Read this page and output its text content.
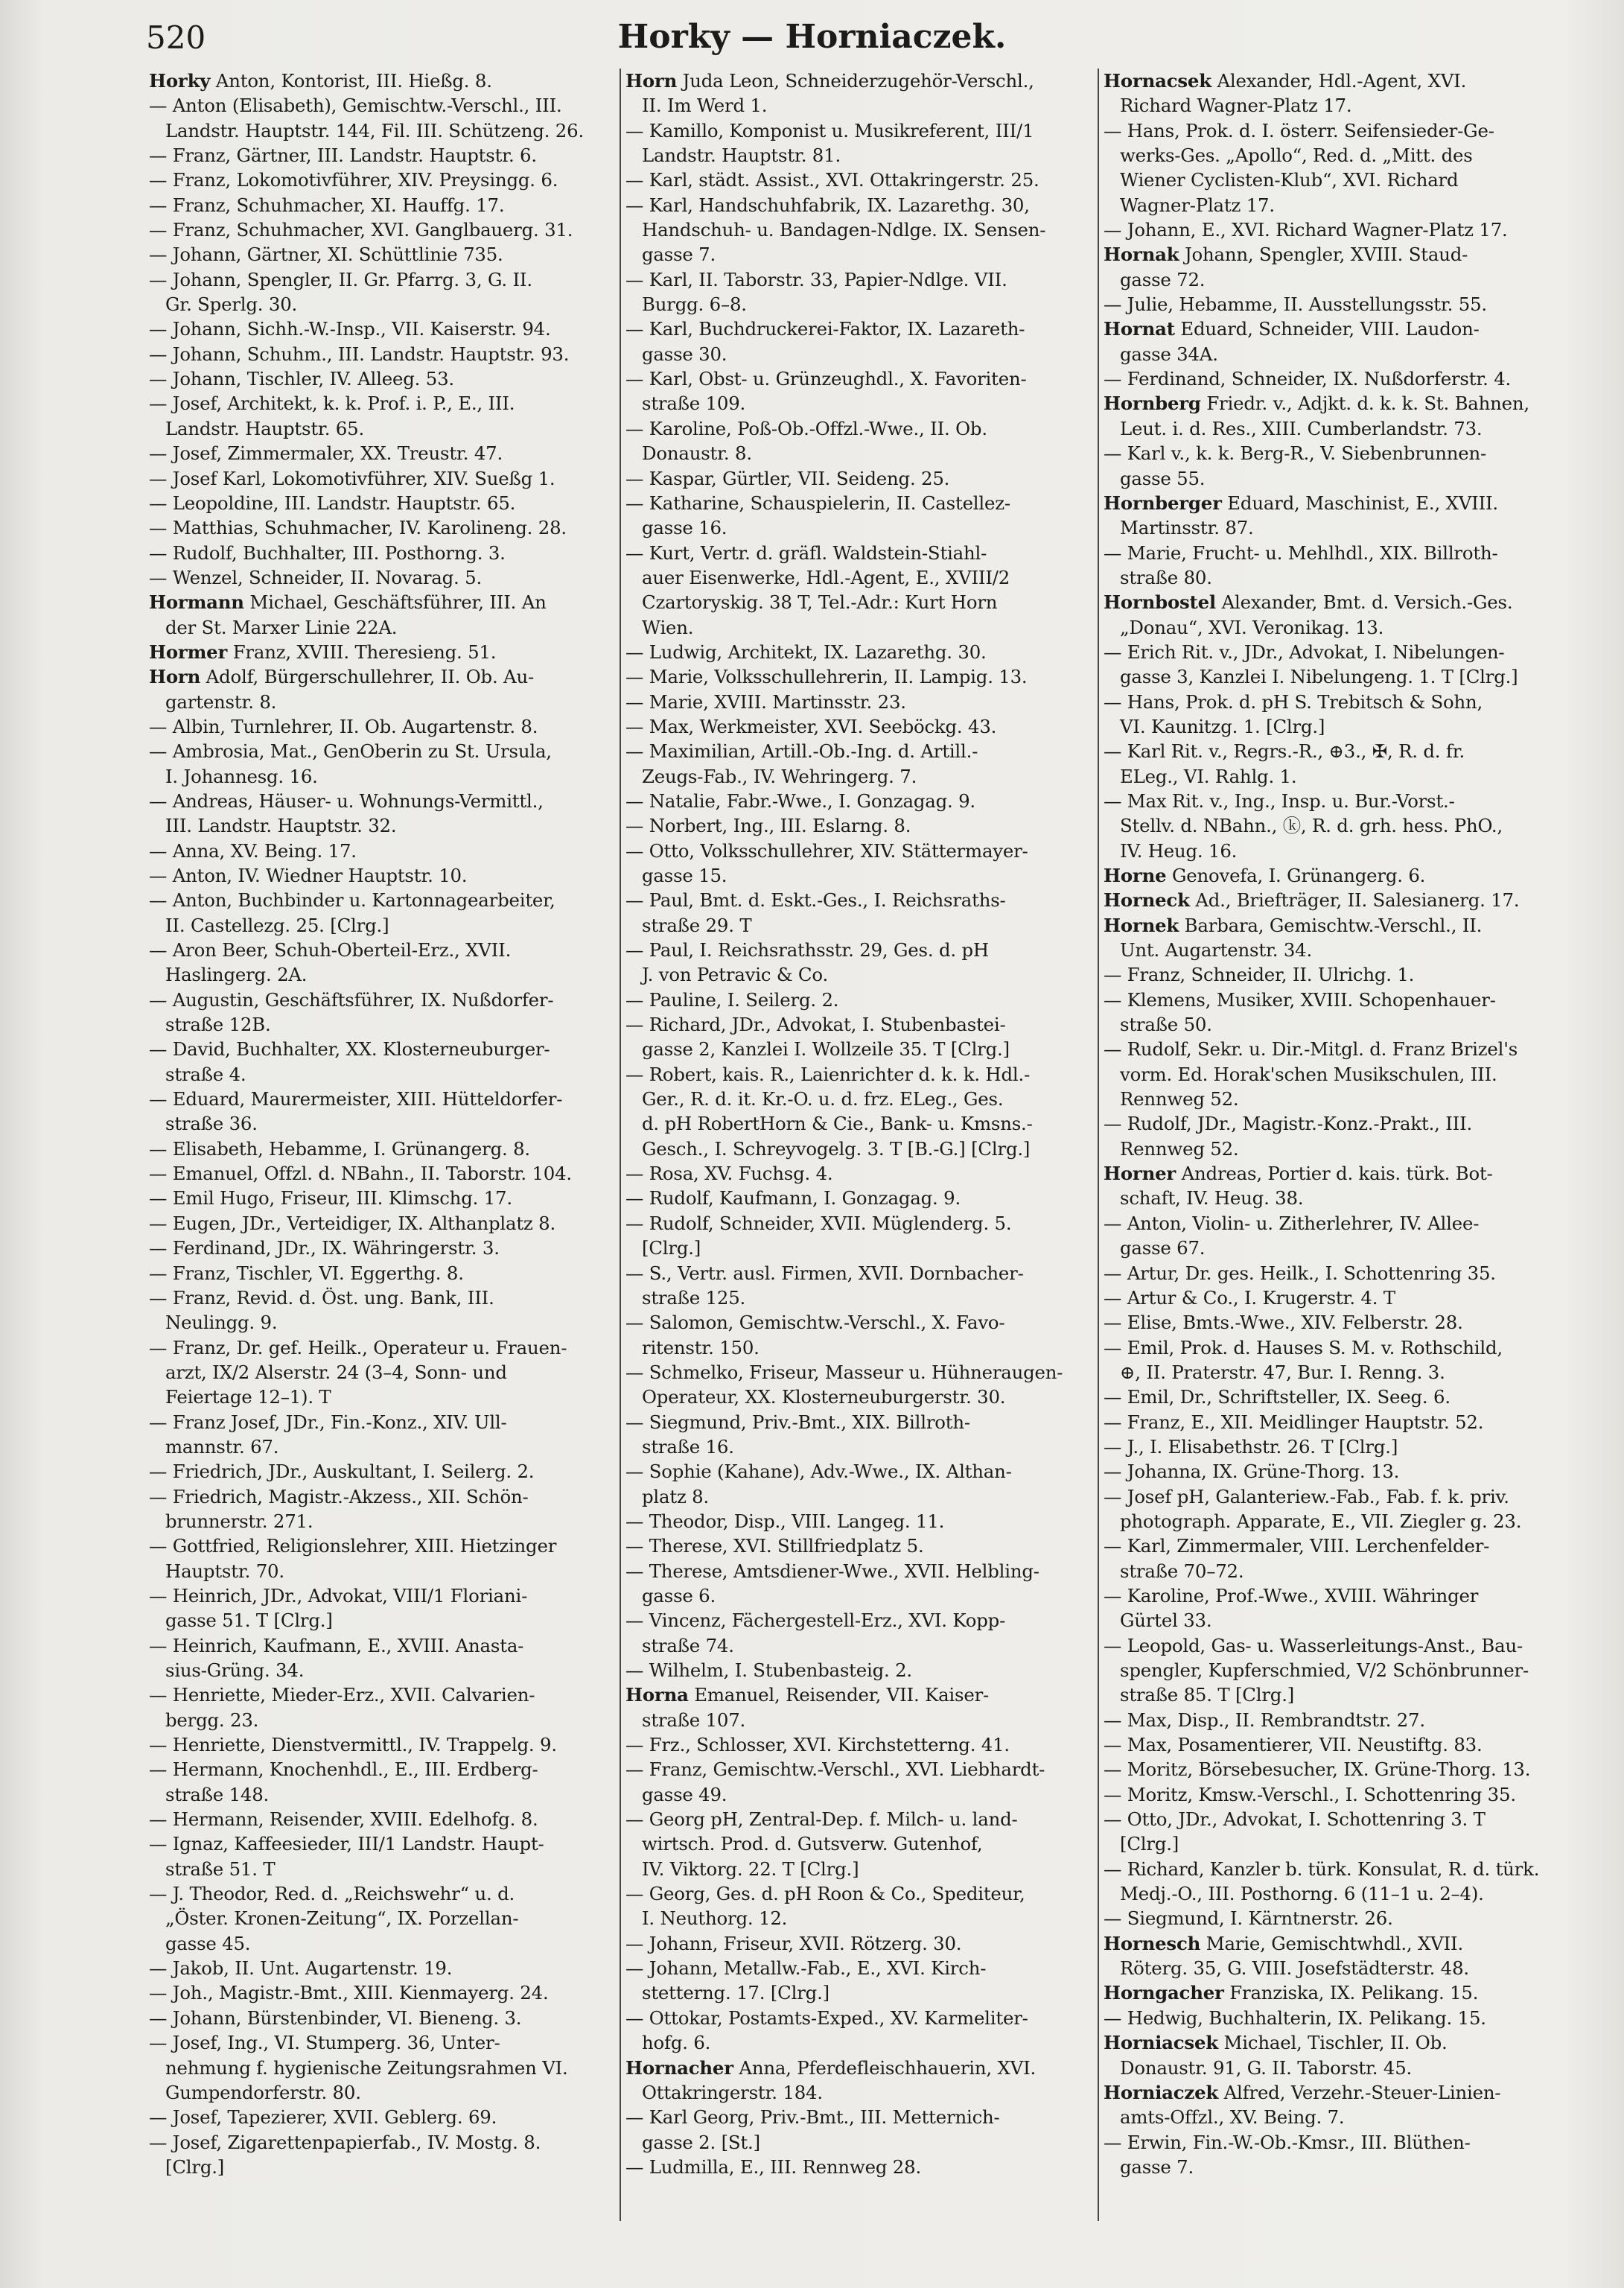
520	Horky — Horniaczek.
Horky Anton, Kontorist, III. Hießg. 8.
— Anton (Elisabeth), Gemischtw.-Verschl., III.
Landstr. Hauptstr. 144, Fil. III. Schützeng. 26.
— Franz, Gärtner, III. Landstr. Hauptstr. 6.
— Franz, Lokomotivführer, XIV. Preysingg. 6.
— Franz, Schuhmacher, XI. Hauffg. 17.
— Franz, Schuhmacher, XVI. Ganglbauerg. 31.
— Johann, Gärtner, XI. Schüttlinie 735.
— Johann, Spengler, II. Gr. Pfarrg. 3, G. II.
Gr. Sperlg. 30.
— Johann, Sichh.-W.-Insp., VII. Kaiserstr. 94.
— Johann, Schuhm., III. Landstr. Hauptstr. 93.
— Johann, Tischler, IV. Alleeg. 53.
— Josef, Architekt, k. k. Prof. i. P., E., III.
Landstr. Hauptstr. 65.
— Josef, Zimmermaler, XX. Treustr. 47.
— Josef Karl, Lokomotivführer, XIV. Sueßg 1.
— Leopoldine, III. Landstr. Hauptstr. 65.
— Matthias, Schuhmacher, IV. Karolineng. 28.
— Rudolf, Buchhalter, III. Posthorng. 3.
— Wenzel, Schneider, II. Novarag. 5.
Hormann Michael, Geschäftsführer, III. An
der St. Marxer Linie 22A.
Hormer Franz, XVIII. Theresieng. 51.
Horn Adolf, Bürgerschullehrer, II. Ob. Au-
gartenstr. 8.
— Albin, Turnlehrer, II. Ob. Augartenstr. 8.
— Ambrosia, Mat., GenOberin zu St. Ursula,
I. Johannesg. 16.
— Andreas, Häuser- u. Wohnungs-Vermittl.,
III. Landstr. Hauptstr. 32.
— Anna, XV. Being. 17.
— Anton, IV. Wiedner Hauptstr. 10.
— Anton, Buchbinder u. Kartonnagearbeiter,
II. Castellezg. 25. [Clrg.]
— Aron Beer, Schuh-Oberteil-Erz., XVII.
Haslingerg. 2A.
— Augustin, Geschäftsführer, IX. Nußdorfer-
straße 12B.
— David, Buchhalter, XX. Klosterneuburger-
straße 4.
— Eduard, Maurermeister, XIII. Hütteldorfer-
straße 36.
— Elisabeth, Hebamme, I. Grünangerg. 8.
— Emanuel, Offzl. d. NBahn., II. Taborstr. 104.
— Emil Hugo, Friseur, III. Klimschg. 17.
— Eugen, JDr., Verteidiger, IX. Althanplatz 8.
— Ferdinand, JDr., IX. Währingerstr. 3.
— Franz, Tischler, VI. Eggerthg. 8.
— Franz, Revid. d. Öst. ung. Bank, III.
Neulingg. 9.
— Franz, Dr. gef. Heilk., Operateur u. Frauen-
arzt, IX/2 Alserstr. 24 (3–4, Sonn- und
Feiertage 12–1). T
— Franz Josef, JDr., Fin.-Konz., XIV. Ull-
mannstr. 67.
— Friedrich, JDr., Auskultant, I. Seilerg. 2.
— Friedrich, Magistr.-Akzess., XII. Schön-
brunnerstr. 271.
— Gottfried, Religionslehrer, XIII. Hietzinger
Hauptstr. 70.
— Heinrich, JDr., Advokat, VIII/1 Floriani-
gasse 51. T [Clrg.]
— Heinrich, Kaufmann, E., XVIII. Anasta-
sius-Grüng. 34.
— Henriette, Mieder-Erz., XVII. Calvarien-
bergg. 23.
— Henriette, Dienstvermittl., IV. Trappelg. 9.
— Hermann, Knochenhdl., E., III. Erdberg-
straße 148.
— Hermann, Reisender, XVIII. Edelhofg. 8.
— Ignaz, Kaffeesieder, III/1 Landstr. Haupt-
straße 51. T
— J. Theodor, Red. d. „Reichswehr“ u. d.
„Öster. Kronen-Zeitung“, IX. Porzellan-
gasse 45.
— Jakob, II. Unt. Augartenstr. 19.
— Joh., Magistr.-Bmt., XIII. Kienmayerg. 24.
— Johann, Bürstenbinder, VI. Bieneng. 3.
— Josef, Ing., VI. Stumperg. 36, Unter-
nehmung f. hygienische Zeitungsrahmen VI.
Gumpendorferstr. 80.
— Josef, Tapezierer, XVII. Geblerg. 69.
— Josef, Zigarettenpapierfab., IV. Mostg. 8.
[Clrg.]
Horn Juda Leon, Schneiderzugehör-Verschl.,
II. Im Werd 1.
— Kamillo, Komponist u. Musikreferent, III/1
Landstr. Hauptstr. 81.
— Karl, städt. Assist., XVI. Ottakringerstr. 25.
— Karl, Handschuhfabrik, IX. Lazarethg. 30,
Handschuh- u. Bandagen-Ndlge. IX. Sensen-
gasse 7.
— Karl, II. Taborstr. 33, Papier-Ndlge. VII.
Burgg. 6–8.
— Karl, Buchdruckerei-Faktor, IX. Lazareth-
gasse 30.
— Karl, Obst- u. Grünzeughdl., X. Favoriten-
straße 109.
— Karoline, Poß-Ob.-Offzl.-Wwe., II. Ob.
Donaustr. 8.
— Kaspar, Gürtler, VII. Seideng. 25.
— Katharine, Schauspielerin, II. Castellez-
gasse 16.
— Kurt, Vertr. d. gräfl. Waldstein-Stiahl-
auer Eisenwerke, Hdl.-Agent, E., XVIII/2
Czartoryskig. 38 T, Tel.-Adr.: Kurt Horn
Wien.
— Ludwig, Architekt, IX. Lazarethg. 30.
— Marie, Volksschullehrerin, II. Lampig. 13.
— Marie, XVIII. Martinsstr. 23.
— Max, Werkmeister, XVI. Seeböckg. 43.
— Maximilian, Artill.-Ob.-Ing. d. Artill.-
Zeugs-Fab., IV. Wehringerg. 7.
— Natalie, Fabr.-Wwe., I. Gonzagag. 9.
— Norbert, Ing., III. Eslarng. 8.
— Otto, Volksschullehrer, XIV. Stättermayer-
gasse 15.
— Paul, Bmt. d. Eskt.-Ges., I. Reichsraths-
straße 29. T
— Paul, I. Reichsrathsstr. 29, Ges. d. pH
J. von Petravic & Co.
— Pauline, I. Seilerg. 2.
— Richard, JDr., Advokat, I. Stubenbastei-
gasse 2, Kanzlei I. Wollzeile 35. T [Clrg.]
— Robert, kais. R., Laienrichter d. k. k. Hdl.-
Ger., R. d. it. Kr.-O. u. d. frz. ELeg., Ges.
d. pH RobertHorn & Cie., Bank- u. Kmsns.-
Gesch., I. Schreyvogelg. 3. T [B.-G.] [Clrg.]
— Rosa, XV. Fuchsg. 4.
— Rudolf, Kaufmann, I. Gonzagag. 9.
— Rudolf, Schneider, XVII. Müglenderg. 5.
[Clrg.]
— S., Vertr. ausl. Firmen, XVII. Dornbacher-
straße 125.
— Salomon, Gemischtw.-Verschl., X. Favo-
ritenstr. 150.
— Schmelko, Friseur, Masseur u. Hühneraugen-
Operateur, XX. Klosterneuburgerstr. 30.
— Siegmund, Priv.-Bmt., XIX. Billroth-
straße 16.
— Sophie (Kahane), Adv.-Wwe., IX. Althan-
platz 8.
— Theodor, Disp., VIII. Langeg. 11.
— Therese, XVI. Stillfriedplatz 5.
— Therese, Amtsdiener-Wwe., XVII. Helbling-
gasse 6.
— Vincenz, Fächergestell-Erz., XVI. Kopp-
straße 74.
— Wilhelm, I. Stubenbasteig. 2.
Horna Emanuel, Reisender, VII. Kaiser-
straße 107.
— Frz., Schlosser, XVI. Kirchstetterng. 41.
— Franz, Gemischtw.-Verschl., XVI. Liebhardt-
gasse 49.
— Georg pH, Zentral-Dep. f. Milch- u. land-
wirtsch. Prod. d. Gutsverw. Gutenhof,
IV. Viktorg. 22. T [Clrg.]
— Georg, Ges. d. pH Roon & Co., Spediteur,
I. Neuthorg. 12.
— Johann, Friseur, XVII. Rötzerg. 30.
— Johann, Metallw.-Fab., E., XVI. Kirch-
stetterng. 17. [Clrg.]
— Ottokar, Postamts-Exped., XV. Karmeliter-
hofg. 6.
Hornacher Anna, Pferdefleischhauerin, XVI.
Ottakringerstr. 184.
— Karl Georg, Priv.-Bmt., III. Metternich-
gasse 2. [St.]
— Ludmilla, E., III. Rennweg 28.
Hornacsek Alexander, Hdl.-Agent, XVI.
Richard Wagner-Platz 17.
— Hans, Prok. d. I. österr. Seifensieder-Ge-
werks-Ges. „Apollo“, Red. d. „Mitt. des
Wiener Cyclisten-Klub“, XVI. Richard
Wagner-Platz 17.
— Johann, E., XVI. Richard Wagner-Platz 17.
Hornak Johann, Spengler, XVIII. Staud-
gasse 72.
— Julie, Hebamme, II. Ausstellungsstr. 55.
Hornat Eduard, Schneider, VIII. Laudon-
gasse 34A.
— Ferdinand, Schneider, IX. Nußdorferstr. 4.
Hornberg Friedr. v., Adjkt. d. k. k. St. Bahnen,
Leut. i. d. Res., XIII. Cumberlandstr. 73.
— Karl v., k. k. Berg-R., V. Siebenbrunnen-
gasse 55.
Hornberger Eduard, Maschinist, E., XVIII.
Martinsstr. 87.
— Marie, Frucht- u. Mehlhdl., XIX. Billroth-
straße 80.
Hornbostel Alexander, Bmt. d. Versich.-Ges.
„Donau“, XVI. Veronikag. 13.
— Erich Rit. v., JDr., Advokat, I. Nibelungen-
gasse 3, Kanzlei I. Nibelungeng. 1. T [Clrg.]
— Hans, Prok. d. pH S. Trebitsch & Sohn,
VI. Kaunitzg. 1. [Clrg.]
— Karl Rit. v., Regrs.-R., ⊕3., ✠, R. d. fr.
ELeg., VI. Rahlg. 1.
— Max Rit. v., Ing., Insp. u. Bur.-Vorst.-
Stellv. d. NBahn., ⓚ, R. d. grh. hess. PhO.,
IV. Heug. 16.
Horne Genovefa, I. Grünangerg. 6.
Horneck Ad., Briefträger, II. Salesianerg. 17.
Hornek Barbara, Gemischtw.-Verschl., II.
Unt. Augartenstr. 34.
— Franz, Schneider, II. Ulrichg. 1.
— Klemens, Musiker, XVIII. Schopenhauer-
straße 50.
— Rudolf, Sekr. u. Dir.-Mitgl. d. Franz Brizel's
vorm. Ed. Horak'schen Musikschulen, III.
Rennweg 52.
— Rudolf, JDr., Magistr.-Konz.-Prakt., III.
Rennweg 52.
Horner Andreas, Portier d. kais. türk. Bot-
schaft, IV. Heug. 38.
— Anton, Violin- u. Zitherlehrer, IV. Allee-
gasse 67.
— Artur, Dr. ges. Heilk., I. Schottenring 35.
— Artur & Co., I. Krugerstr. 4. T
— Elise, Bmts.-Wwe., XIV. Felberstr. 28.
— Emil, Prok. d. Hauses S. M. v. Rothschild,
⊕, II. Praterstr. 47, Bur. I. Renng. 3.
— Emil, Dr., Schriftsteller, IX. Seeg. 6.
— Franz, E., XII. Meidlinger Hauptstr. 52.
— J., I. Elisabethstr. 26. T [Clrg.]
— Johanna, IX. Grüne-Thorg. 13.
— Josef pH, Galanteriew.-Fab., Fab. f. k. priv.
photograph. Apparate, E., VII. Ziegler g. 23.
— Karl, Zimmermaler, VIII. Lerchenfelder-
straße 70–72.
— Karoline, Prof.-Wwe., XVIII. Währinger
Gürtel 33.
— Leopold, Gas- u. Wasserleitungs-Anst., Bau-
spengler, Kupferschmied, V/2 Schönbrunner-
straße 85. T [Clrg.]
— Max, Disp., II. Rembrandtstr. 27.
— Max, Posamentierer, VII. Neustiftg. 83.
— Moritz, Börsebesucher, IX. Grüne-Thorg. 13.
— Moritz, Kmsw.-Verschl., I. Schottenring 35.
— Otto, JDr., Advokat, I. Schottenring 3. T
[Clrg.]
— Richard, Kanzler b. türk. Konsulat, R. d. türk.
Medj.-O., III. Posthorng. 6 (11–1 u. 2–4).
— Siegmund, I. Kärntnerstr. 26.
Hornesch Marie, Gemischtwhdl., XVII.
Röterg. 35, G. VIII. Josefstädterstr. 48.
Horngacher Franziska, IX. Pelikang. 15.
— Hedwig, Buchhalterin, IX. Pelikang. 15.
Horniacsek Michael, Tischler, II. Ob.
Donaustr. 91, G. II. Taborstr. 45.
Horniaczek Alfred, Verzehr.-Steuer-Linien-
amts-Offzl., XV. Being. 7.
— Erwin, Fin.-W.-Ob.-Kmsr., III. Blüthen-
gasse 7.
